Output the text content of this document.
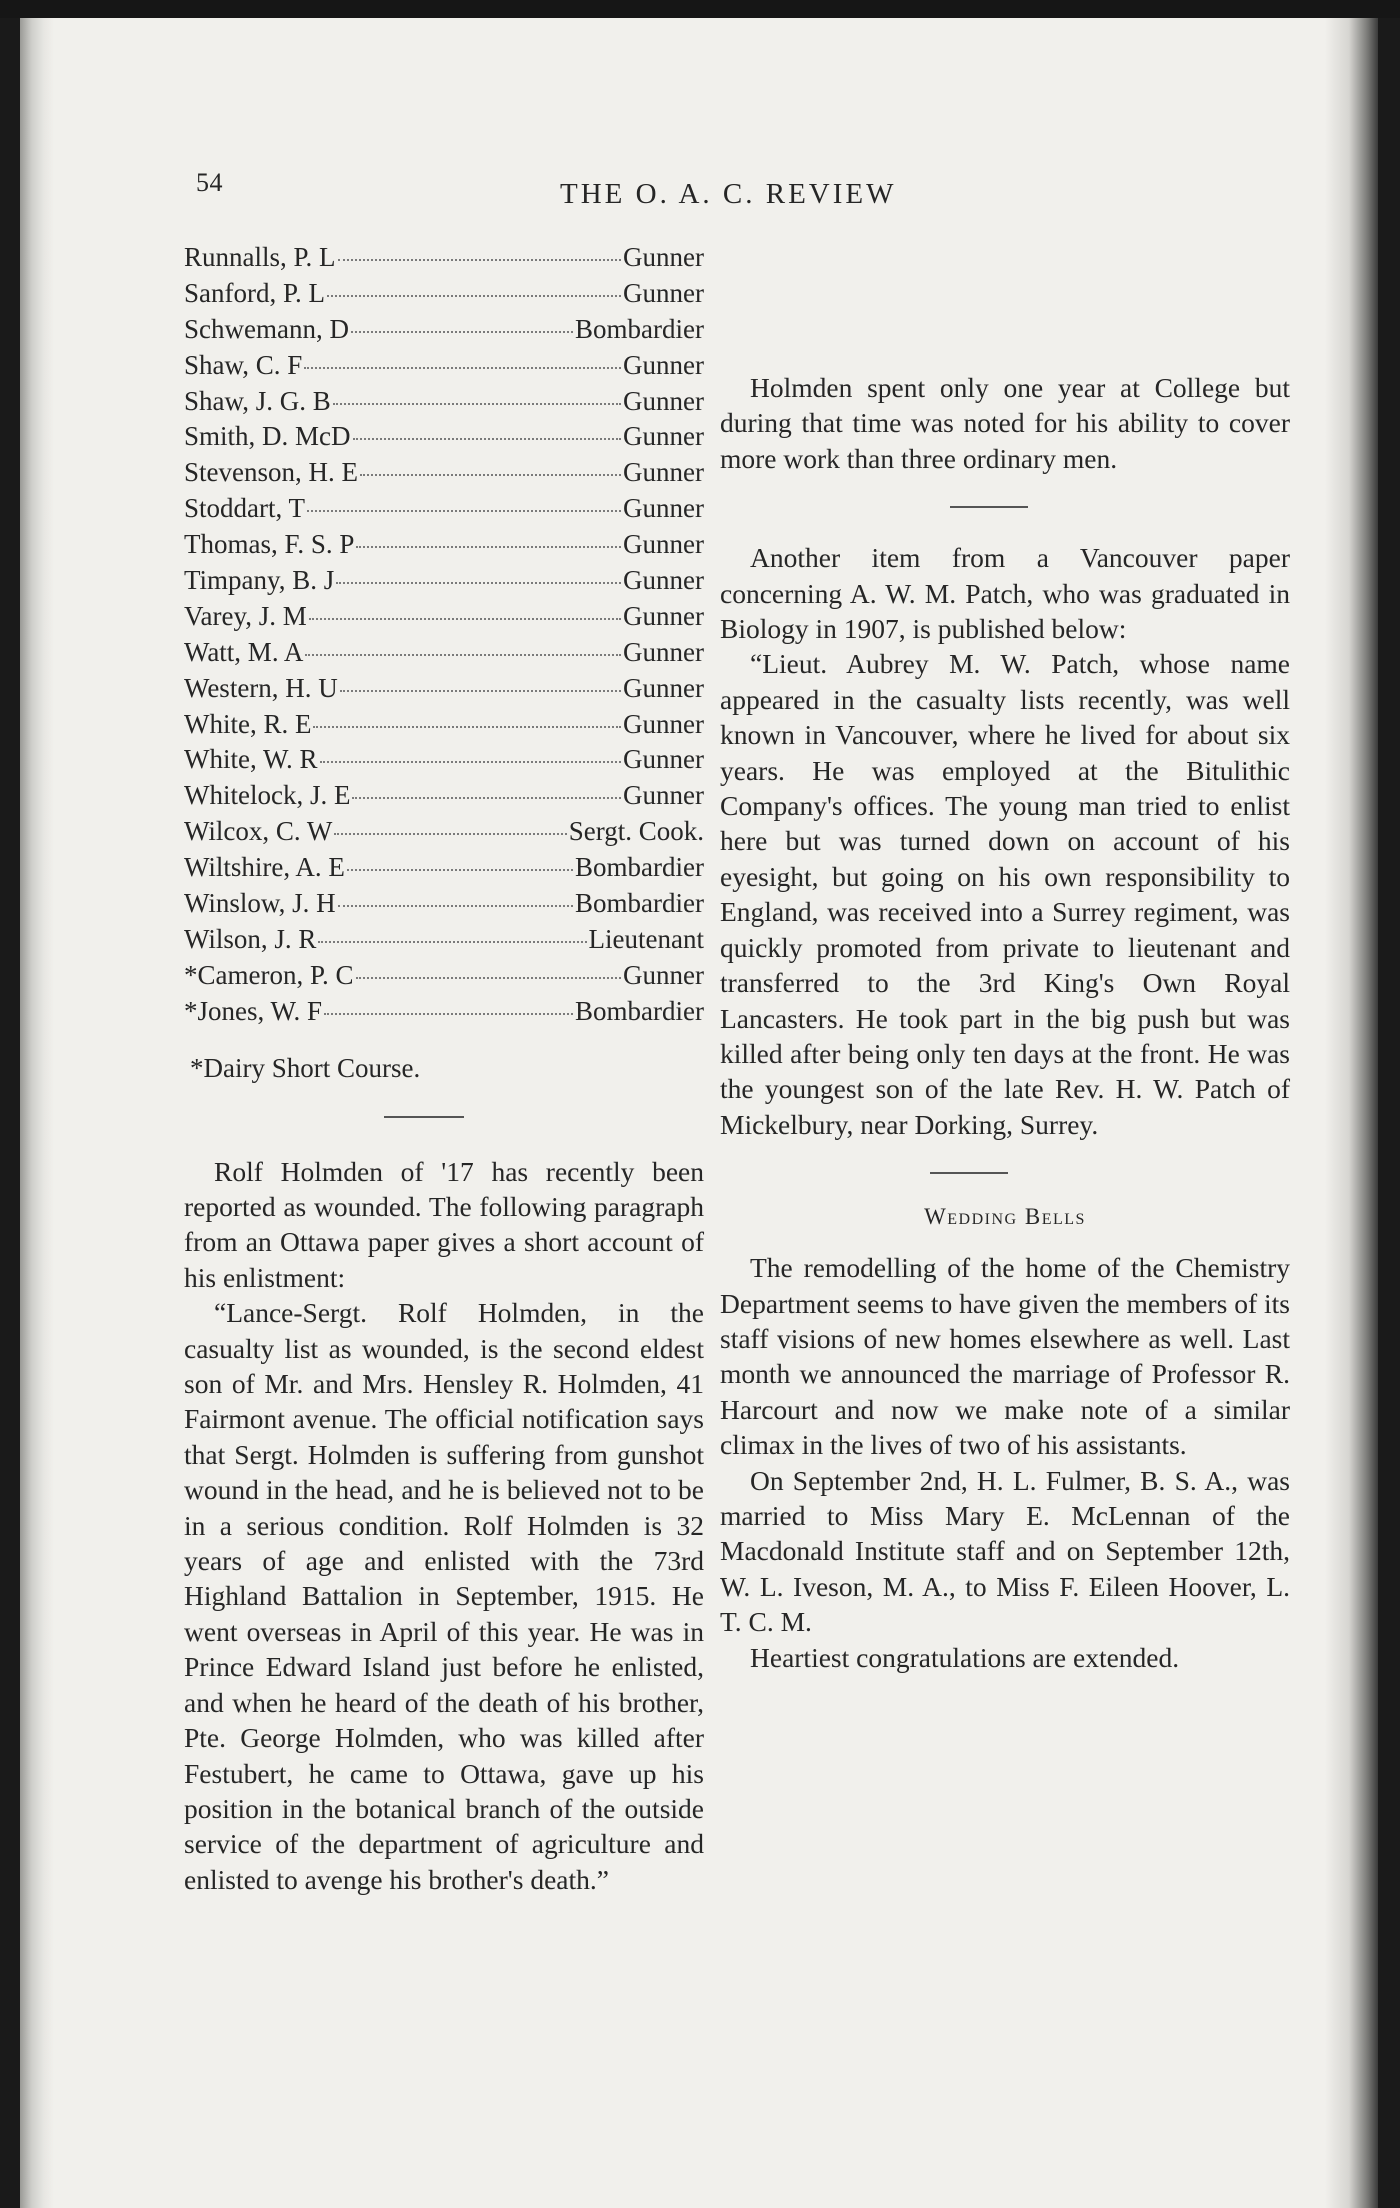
54	THE O. A. C. REVIEW
Runnalls, P. L	Gunner
Sanford, P. L	Gunner
Schwemann, D	Bombardier
Shaw, C. F	Gunner
Shaw, J. G. B	Gunner
Smith, D. McD	Gunner
Stevenson, H. E	Gunner
Stoddart, T	Gunner
Thomas, F. S. P	Gunner
Timpany, B. J	Gunner
Varey, J. M	Gunner
Watt, M. A	Gunner
Western, H. U	Gunner
White, R. E	Gunner
White, W. R	Gunner
Whitelock, J. E	Gunner
Wilcox, C. W	Sergt. Cook.
Wiltshire, A. E	Bombardier
Winslow, J. H	Bombardier
Wilson, J. R	Lieutenant
*Cameron, P. C	Gunner
*Jones, W. F	Bombardier
*Dairy Short Course.

Rolf Holmden of '17 has recently been reported as wounded. The following paragraph from an Ottawa paper gives a short account of his enlistment:

“Lance-Sergt. Rolf Holmden, in the casualty list as wounded, is the second eldest son of Mr. and Mrs. Hensley R. Holmden, 41 Fairmont avenue. The official notification says that Sergt. Holmden is suffering from gunshot wound in the head, and he is believed not to be in a serious condition. Rolf Holmden is 32 years of age and enlisted with the 73rd Highland Battalion in September, 1915. He went overseas in April of this year. He was in Prince Edward Island just before he enlisted, and when he heard of the death of his brother, Pte. George Holmden, who was killed after Festubert, he came to Ottawa, gave up his position in the botanical branch of the outside service of the department of agriculture and enlisted to avenge his brother's death.”

Holmden spent only one year at College but during that time was noted for his ability to cover more work than three ordinary men.

Another item from a Vancouver paper concerning A. W. M. Patch, who was graduated in Biology in 1907, is published below:

“Lieut. Aubrey M. W. Patch, whose name appeared in the casualty lists recently, was well known in Vancouver, where he lived for about six years. He was employed at the Bitulithic Company's offices. The young man tried to enlist here but was turned down on account of his eyesight, but going on his own responsibility to England, was received into a Surrey regiment, was quickly promoted from private to lieutenant and transferred to the 3rd King's Own Royal Lancasters. He took part in the big push but was killed after being only ten days at the front. He was the youngest son of the late Rev. H. W. Patch of Mickelbury, near Dorking, Surrey.

Wedding Bells

The remodelling of the home of the Chemistry Department seems to have given the members of its staff visions of new homes elsewhere as well. Last month we announced the marriage of Professor R. Harcourt and now we make note of a similar climax in the lives of two of his assistants.

On September 2nd, H. L. Fulmer, B. S. A., was married to Miss Mary E. McLennan of the Macdonald Institute staff and on September 12th, W. L. Iveson, M. A., to Miss F. Eileen Hoover, L. T. C. M.

Heartiest congratulations are extended.
